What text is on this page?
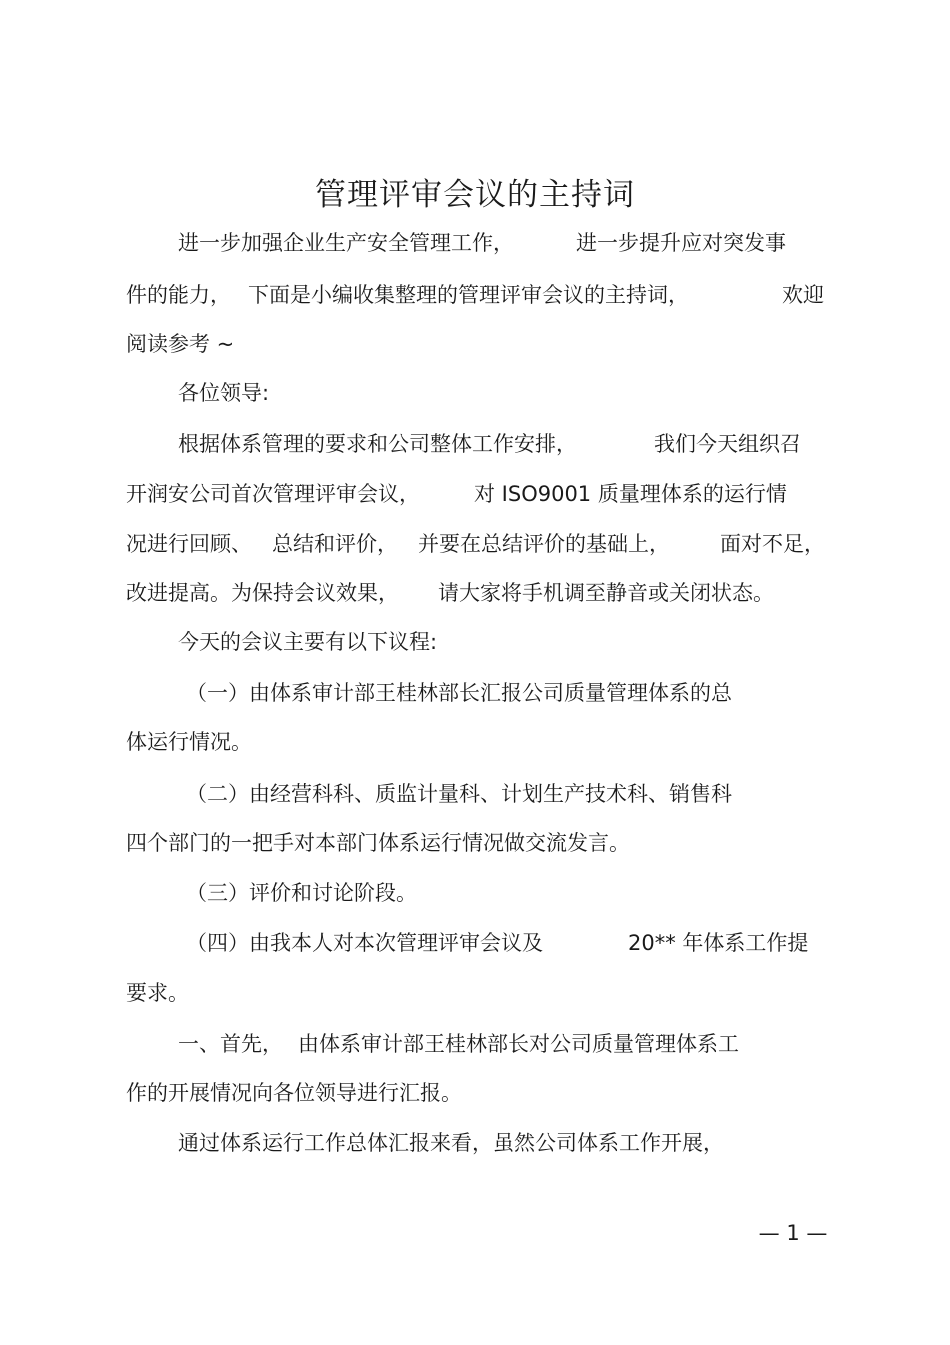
管理评审会议的主持词
进一步加强企业生产安全管理工作，	进一步提升应对突发事
件的能力， 下面是小编收集整理的管理评审会议的主持词，	欢迎
阅读参考 ~
各位领导:
根据体系管理的要求和公司整体工作安排，	我们今天组织召
开润安公司首次管理评审会议，	对 ISO9001 质量理体系的运行情
况进行回顾、 总结和评价， 并要在总结评价的基础上， 面对不足，
改进提高。为保持会议效果， 请大家将手机调至静音或关闭状态。
今天的会议主要有以下议程:
（一）由体系审计部王桂林部长汇报公司质量管理体系的总
体运行情况。
（二）由经营科科、质监计量科、计划生产技术科、销售科
四个部门的一把手对本部门体系运行情况做交流发言。
（三）评价和讨论阶段。
（四）由我本人对本次管理评审会议及	20** 年体系工作提
要求。
一、首先， 由体系审计部王桂林部长对公司质量管理体系工
作的开展情况向各位领导进行汇报。
通过体系运行工作总体汇报来看，虽然公司体系工作开展，
— 1 —
